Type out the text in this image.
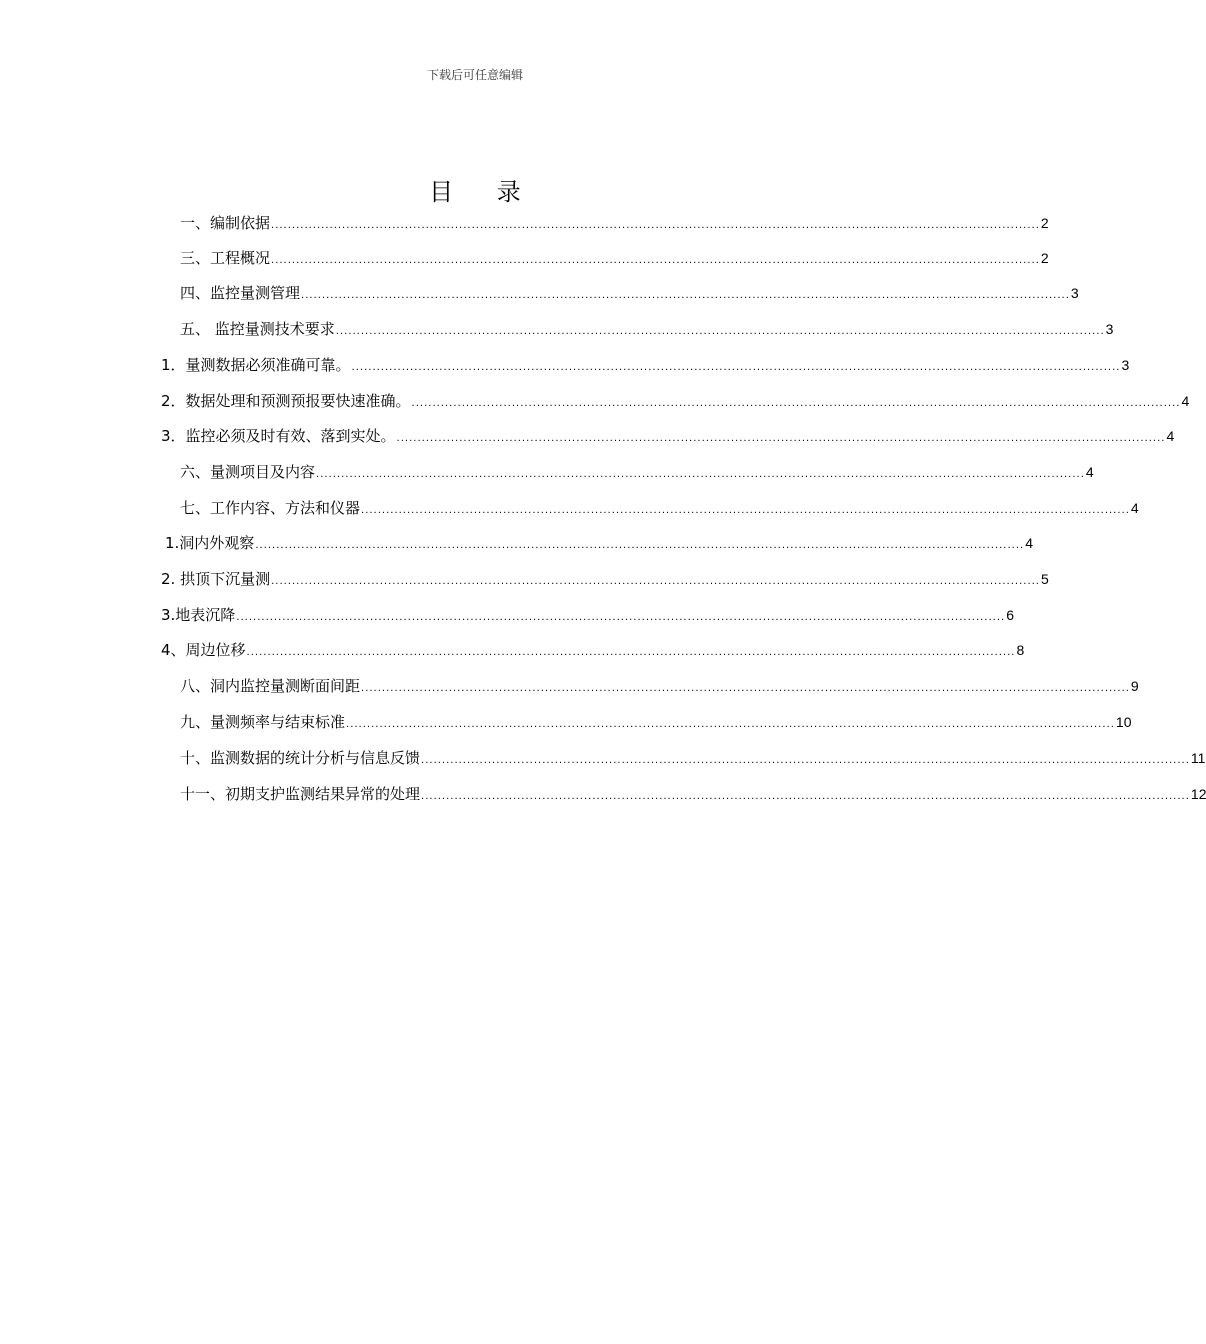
下载后可任意编辑
目 录
一、编制依据 ........................................................................................................................................................................................ 2
三、工程概况 ........................................................................................................................................................................................ 2
四、监控量测管理 ........................................................................................................................................................................................ 3
五、 监控量测技术要求 ........................................................................................................................................................................................ 3
1．量测数据必须准确可靠。 ........................................................................................................................................................................................ 3
2．数据处理和预测预报要快速准确。 ........................................................................................................................................................................................ 4
3．监控必须及时有效、落到实处。 ........................................................................................................................................................................................ 4
六、量测项目及内容 ........................................................................................................................................................................................ 4
七、工作内容、方法和仪器 ........................................................................................................................................................................................ 4
1.洞内外观察 ........................................................................................................................................................................................ 4
2. 拱顶下沉量测 ........................................................................................................................................................................................ 5
3.地表沉降 ........................................................................................................................................................................................ 6
4、周边位移 ........................................................................................................................................................................................ 8
八、洞内监控量测断面间距 ........................................................................................................................................................................................ 9
九、量测频率与结束标准 ........................................................................................................................................................................................ 10
十、监测数据的统计分析与信息反馈 ........................................................................................................................................................................................ 11
十一、初期支护监测结果异常的处理 ........................................................................................................................................................................................ 12
